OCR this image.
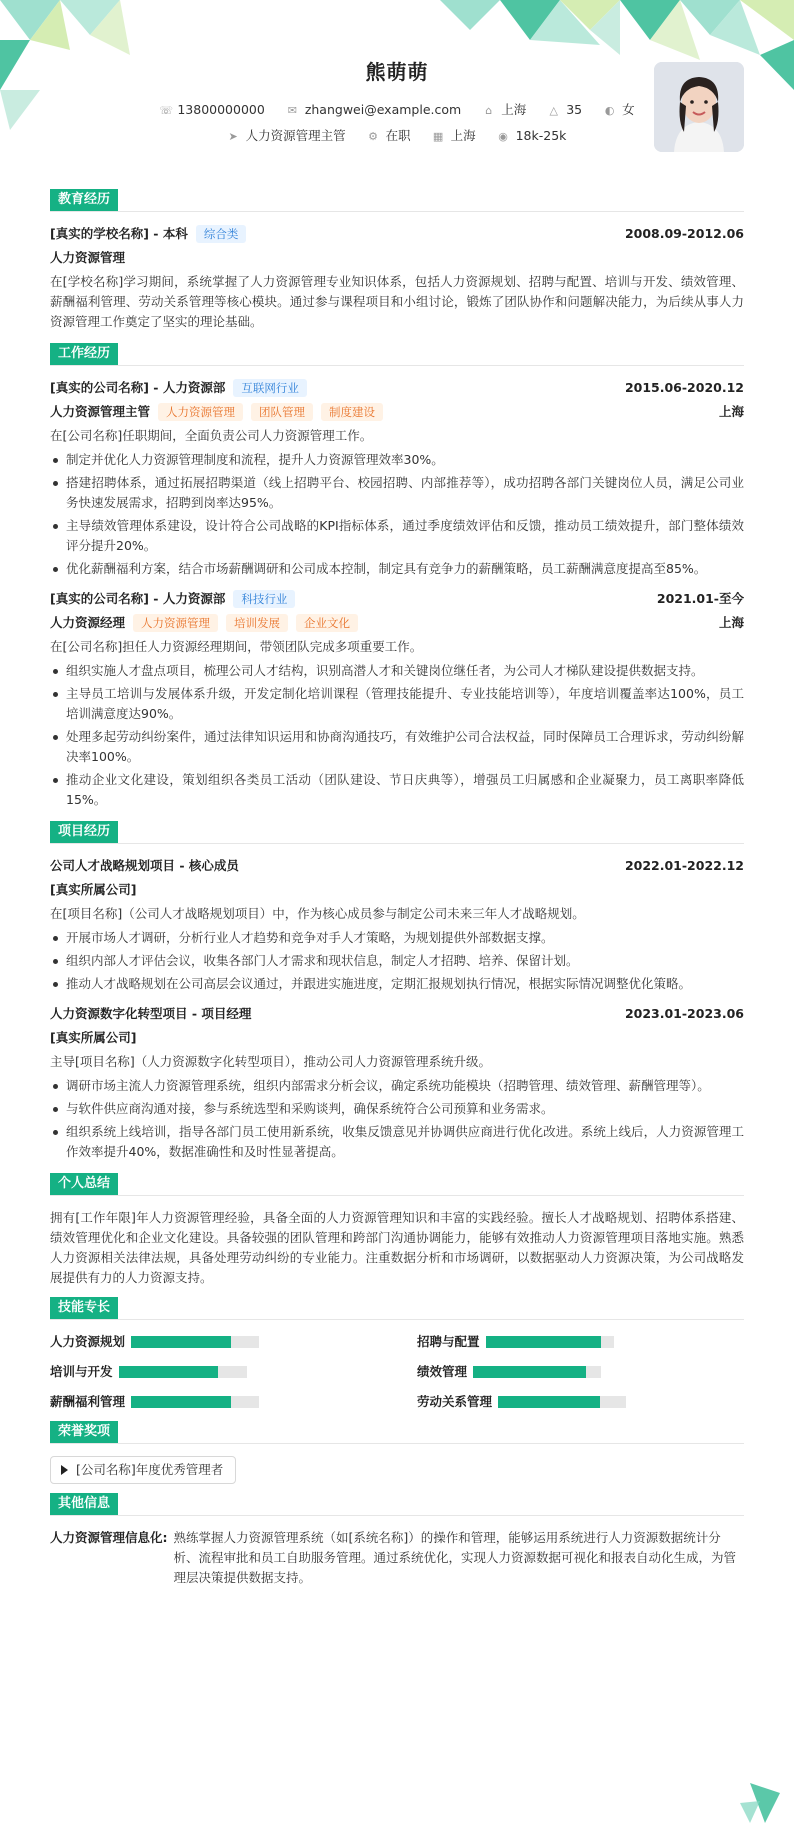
熊萌萌
☏ 13800000000 ✉ zhangwei@example.com ⌂ 上海 △ 35 ◐ 女
➤ 人力资源管理主管 ⚙ 在职 ▦ 上海 ◉ 18k-25k
教育经历
[真实的学校名称] - 本科	综合类	2008.09-2012.06
人力资源管理
在[学校名称]学习期间，系统掌握了人力资源管理专业知识体系，包括人力资源规划、招聘与配置、培训与开发、绩效管理、薪酬福利管理、劳动关系管理等核心模块。通过参与课程项目和小组讨论，锻炼了团队协作和问题解决能力，为后续从事人力资源管理工作奠定了坚实的理论基础。
工作经历
[真实的公司名称] - 人力资源部	互联网行业	2015.06-2020.12
人力资源管理主管	人力资源管理	团队管理	制度建设	上海
在[公司名称]任职期间，全面负责公司人力资源管理工作。
制定并优化人力资源管理制度和流程，提升人力资源管理效率30%。
搭建招聘体系，通过拓展招聘渠道（线上招聘平台、校园招聘、内部推荐等），成功招聘各部门关键岗位人员，满足公司业务快速发展需求，招聘到岗率达95%。
主导绩效管理体系建设，设计符合公司战略的KPI指标体系，通过季度绩效评估和反馈，推动员工绩效提升，部门整体绩效评分提升20%。
优化薪酬福利方案，结合市场薪酬调研和公司成本控制，制定具有竞争力的薪酬策略，员工薪酬满意度提高至85%。
[真实的公司名称] - 人力资源部	科技行业	2021.01-至今
人力资源经理	人力资源管理	培训发展	企业文化	上海
在[公司名称]担任人力资源经理期间，带领团队完成多项重要工作。
组织实施人才盘点项目，梳理公司人才结构，识别高潜人才和关键岗位继任者，为公司人才梯队建设提供数据支持。
主导员工培训与发展体系升级，开发定制化培训课程（管理技能提升、专业技能培训等），年度培训覆盖率达100%，员工培训满意度达90%。
处理多起劳动纠纷案件，通过法律知识运用和协商沟通技巧，有效维护公司合法权益，同时保障员工合理诉求，劳动纠纷解决率100%。
推动企业文化建设，策划组织各类员工活动（团队建设、节日庆典等），增强员工归属感和企业凝聚力，员工离职率降低15%。
项目经历
公司人才战略规划项目 - 核心成员	2022.01-2022.12
[真实所属公司]
在[项目名称]（公司人才战略规划项目）中，作为核心成员参与制定公司未来三年人才战略规划。
开展市场人才调研，分析行业人才趋势和竞争对手人才策略，为规划提供外部数据支撑。
组织内部人才评估会议，收集各部门人才需求和现状信息，制定人才招聘、培养、保留计划。
推动人才战略规划在公司高层会议通过，并跟进实施进度，定期汇报规划执行情况，根据实际情况调整优化策略。
人力资源数字化转型项目 - 项目经理	2023.01-2023.06
[真实所属公司]
主导[项目名称]（人力资源数字化转型项目），推动公司人力资源管理系统升级。
调研市场主流人力资源管理系统，组织内部需求分析会议，确定系统功能模块（招聘管理、绩效管理、薪酬管理等）。
与软件供应商沟通对接，参与系统选型和采购谈判，确保系统符合公司预算和业务需求。
组织系统上线培训，指导各部门员工使用新系统，收集反馈意见并协调供应商进行优化改进。系统上线后，人力资源管理工作效率提升40%，数据准确性和及时性显著提高。
个人总结
拥有[工作年限]年人力资源管理经验，具备全面的人力资源管理知识和丰富的实践经验。擅长人才战略规划、招聘体系搭建、绩效管理优化和企业文化建设。具备较强的团队管理和跨部门沟通协调能力，能够有效推动人力资源管理项目落地实施。熟悉人力资源相关法律法规，具备处理劳动纠纷的专业能力。注重数据分析和市场调研，以数据驱动人力资源决策，为公司战略发展提供有力的人力资源支持。
技能专长
人力资源规划	招聘与配置
培训与开发	绩效管理
薪酬福利管理	劳动关系管理
荣誉奖项
[公司名称]年度优秀管理者
其他信息
人力资源管理信息化: 熟练掌握人力资源管理系统（如[系统名称]）的操作和管理，能够运用系统进行人力资源数据统计分析、流程审批和员工自助服务管理。通过系统优化，实现人力资源数据可视化和报表自动化生成，为管理层决策提供数据支持。
